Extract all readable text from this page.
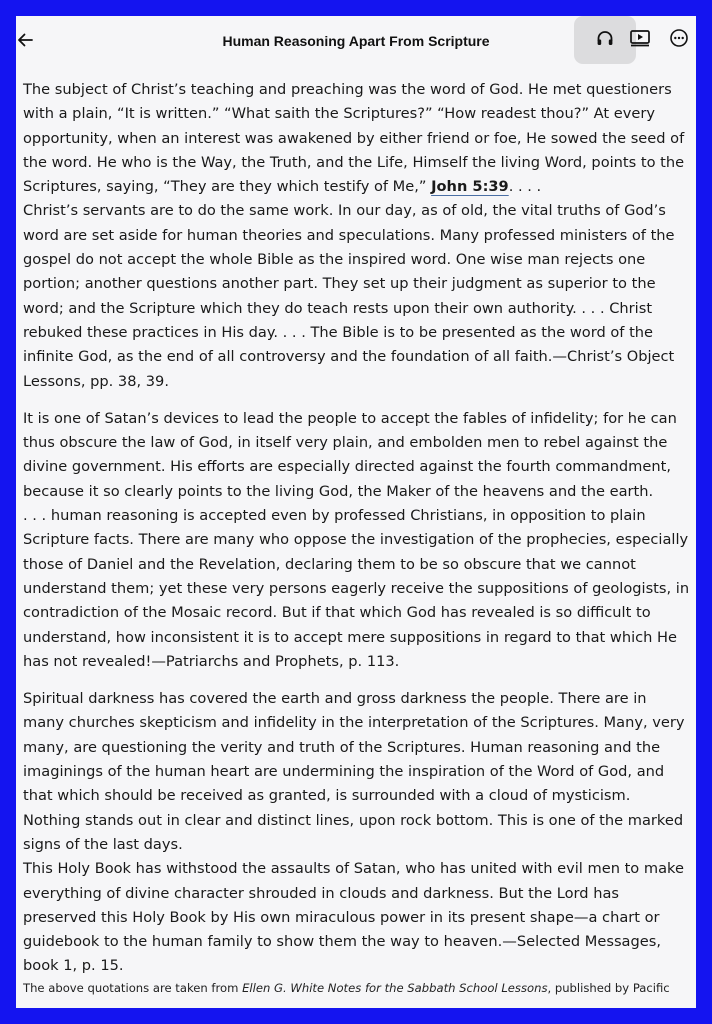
Human Reasoning Apart From Scripture

The subject of Christ’s teaching and preaching was the word of God. He met questioners with a plain, “It is written.” “What saith the Scriptures?” “How readest thou?” At every opportunity, when an interest was awakened by either friend or foe, He sowed the seed of the word. He who is the Way, the Truth, and the Life, Himself the living Word, points to the Scriptures, saying, “They are they which testify of Me,” John 5:39. . . .
Christ’s servants are to do the same work. In our day, as of old, the vital truths of God’s word are set aside for human theories and speculations. Many professed ministers of the gospel do not accept the whole Bible as the inspired word. One wise man rejects one portion; another questions another part. They set up their judgment as superior to the word; and the Scripture which they do teach rests upon their own authority. . . . Christ rebuked these practices in His day. . . . The Bible is to be presented as the word of the infinite God, as the end of all controversy and the foundation of all faith.—Christ’s Object Lessons, pp. 38, 39.

It is one of Satan’s devices to lead the people to accept the fables of infidelity; for he can thus obscure the law of God, in itself very plain, and embolden men to rebel against the divine government. His efforts are especially directed against the fourth commandment, because it so clearly points to the living God, the Maker of the heavens and the earth.
. . . human reasoning is accepted even by professed Christians, in opposition to plain Scripture facts. There are many who oppose the investigation of the prophecies, especially those of Daniel and the Revelation, declaring them to be so obscure that we cannot understand them; yet these very persons eagerly receive the suppositions of geologists, in contradiction of the Mosaic record. But if that which God has revealed is so difficult to understand, how inconsistent it is to accept mere suppositions in regard to that which He has not revealed!—Patriarchs and Prophets, p. 113.

Spiritual darkness has covered the earth and gross darkness the people. There are in many churches skepticism and infidelity in the interpretation of the Scriptures. Many, very many, are questioning the verity and truth of the Scriptures. Human reasoning and the imaginings of the human heart are undermining the inspiration of the Word of God, and that which should be received as granted, is surrounded with a cloud of mysticism. Nothing stands out in clear and distinct lines, upon rock bottom. This is one of the marked signs of the last days.
This Holy Book has withstood the assaults of Satan, who has united with evil men to make everything of divine character shrouded in clouds and darkness. But the Lord has preserved this Holy Book by His own miraculous power in its present shape—a chart or guidebook to the human family to show them the way to heaven.—Selected Messages, book 1, p. 15.

The above quotations are taken from Ellen G. White Notes for the Sabbath School Lessons, published by Pacific
